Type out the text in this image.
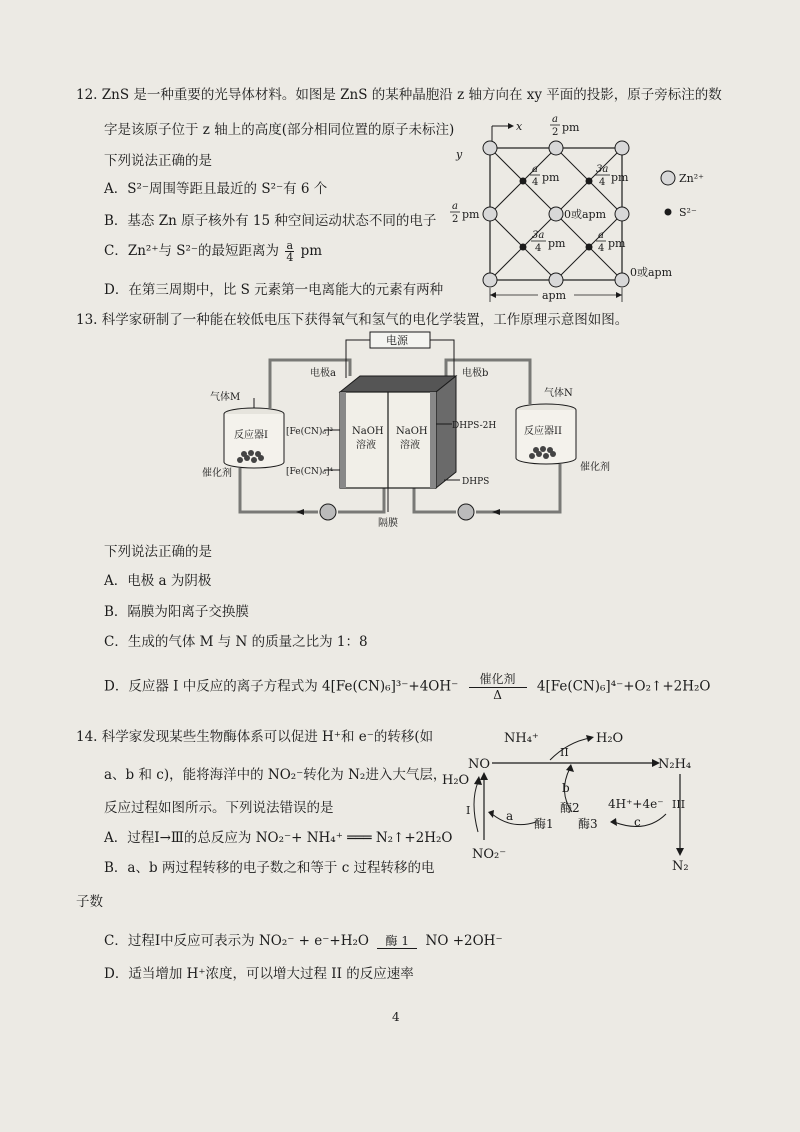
12. ZnS 是一种重要的光导体材料。如图是 ZnS 的某种晶胞沿 z 轴方向在 xy 平面的投影，原子旁标注的数
字是该原子位于 z 轴上的高度(部分相同位置的原子未标注)
下列说法正确的是
A．S²⁻周围等距且最近的 S²⁻有 6 个
B．基态 Zn 原子核外有 15 种空间运动状态不同的电子
C．Zn²⁺与 S²⁻的最短距离为 $\frac{a}{4}$ pm
D．在第三周期中，比 S 元素第一电离能大的元素有两种
x
y
a
2 pm
a
2 pm
a
4 pm
3a
4 pm
0或apm
3a
4 pm
a
4 pm
0或apm
apm
Zn²⁺
S²⁻
13. 科学家研制了一种能在较低电压下获得氧气和氢气的电化学装置，工作原理示意图如图。
电源
电极a	电极b
NaOH
溶液
NaOH
溶液
反应器I
气体M
催化剂
[Fe(CN)₆]³⁻
[Fe(CN)₆]⁴⁻
反应器II
气体N
DHPS-2H
DHPS
催化剂
隔膜
下列说法正确的是
A．电极 a 为阴极
B．隔膜为阳离子交换膜
C．生成的气体 M 与 N 的质量之比为 1：8
D．反应器 I 中反应的离子方程式为 4[Fe(CN)₆]³⁻+4OH⁻	催化剂
Δ
4[Fe(CN)₆]⁴⁻+O₂↑+2H₂O
14. 科学家发现某些生物酶体系可以促进 H⁺和 e⁻的转移(如
a、b 和 c)，能将海洋中的 NO₂⁻转化为 N₂进入大气层，
反应过程如图所示。下列说法错误的是
A．过程Ⅰ→Ⅲ的总反应为 NO₂⁻+ NH₄⁺ ═══ N₂↑+2H₂O
B．a、b 两过程转移的电子数之和等于 c 过程转移的电
子数
C．过程Ⅰ中反应可表示为 NO₂⁻ + e⁻+H₂O	酶 1	NO +2OH⁻
D．适当增加 H⁺浓度，可以增大过程 II 的反应速率
NH₄⁺	H₂O
II
NO	N₂H₄
H₂O
I
b
酶2 4H⁺+4e⁻ III
a
酶1 酶3	c
NO₂⁻
N₂
4
